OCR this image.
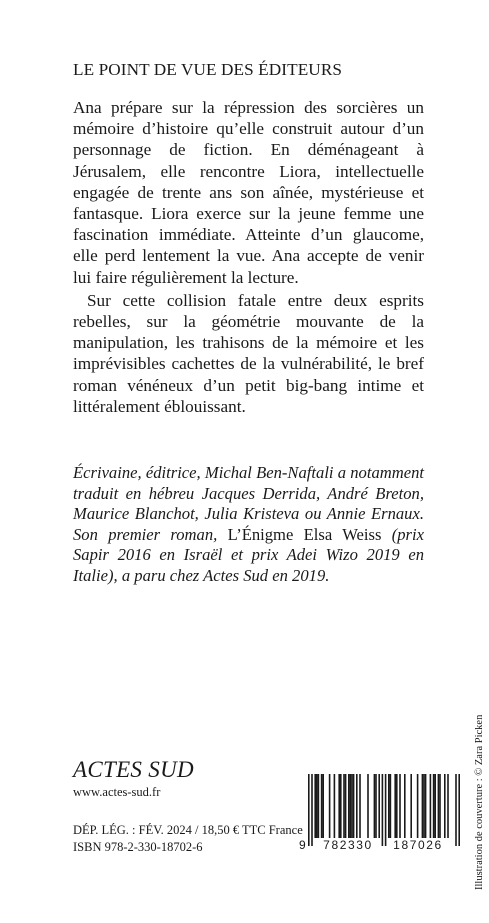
LE POINT DE VUE DES ÉDITEURS

Ana prépare sur la répression des sorcières un mémoire d’histoire qu’elle construit autour d’un personnage de fiction. En déménageant à Jérusalem, elle rencontre Liora, intellectuelle engagée de trente ans son aînée, mystérieuse et fantasque. Liora exerce sur la jeune femme une fascination immédiate. Atteinte d’un glaucome, elle perd lentement la vue. Ana accepte de venir lui faire régulièrement la lecture.

Sur cette collision fatale entre deux esprits rebelles, sur la géométrie mouvante de la manipulation, les trahisons de la mémoire et les imprévisibles cachettes de la vulnérabilité, le bref roman vénéneux d’un petit big-bang intime et littéralement éblouissant.

Écrivaine, éditrice, Michal Ben-Naftali a notamment traduit en hébreu Jacques Derrida, André Breton, Maurice Blanchot, Julia Kristeva ou Annie Ernaux. Son premier roman, L’Énigme Elsa Weiss (prix Sapir 2016 en Israël et prix Adei Wizo 2019 en Italie), a paru chez Actes Sud en 2019.

ACTES SUD
www.actes-sud.fr
DÉP. LÉG. : FÉV. 2024 / 18,50 € TTC France
ISBN 978-2-330-18702-6	9 782330 187026	Illustration de couverture : © Zara Picken
